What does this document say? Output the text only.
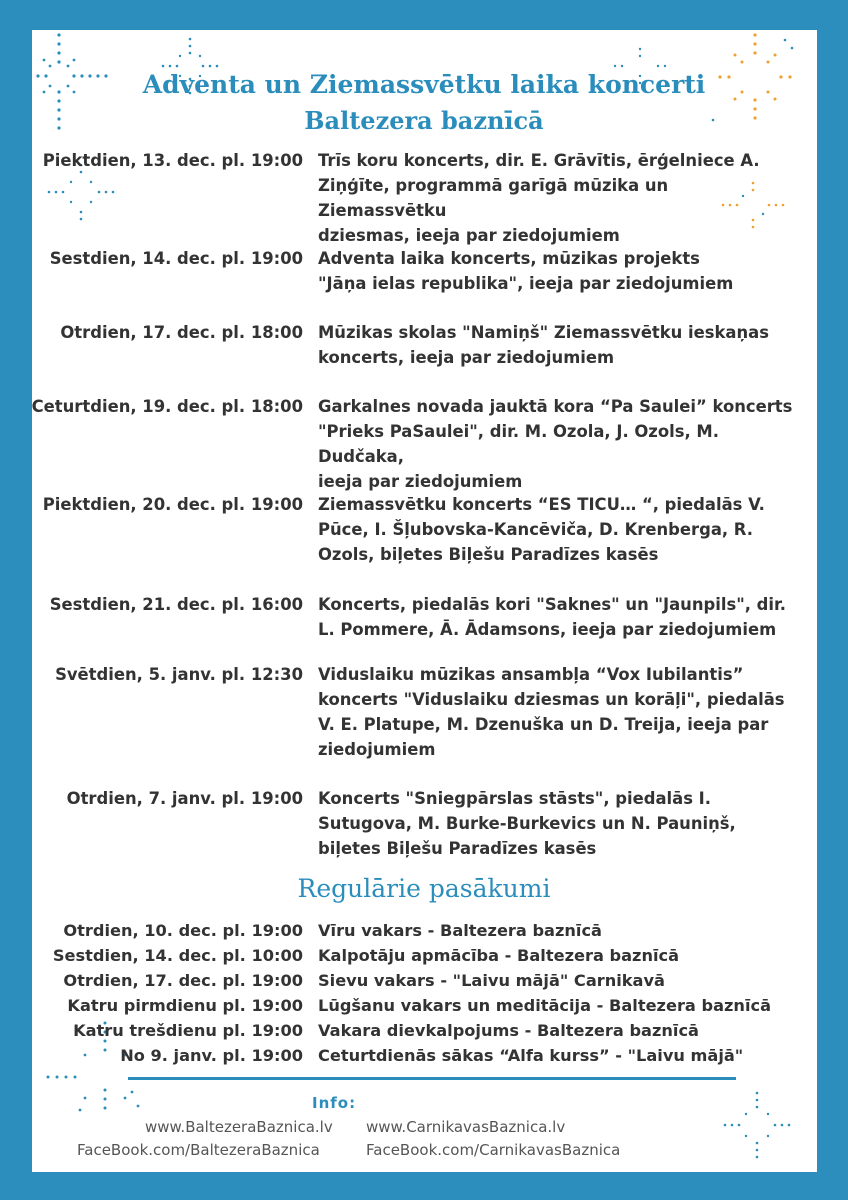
Adventa un Ziemassvētku laika koncerti
Baltezera baznīcā
Piektdien, 13. dec. pl. 19:00 Trīs koru koncerts, dir. E. Grāvītis, ērģelniece A.
Ziņģīte, programmā garīgā mūzika un Ziemassvētku
dziesmas, ieeja par ziedojumiem
Sestdien, 14. dec. pl. 19:00 Adventa laika koncerts, mūzikas projekts
"Jāņa ielas republika", ieeja par ziedojumiem
Otrdien, 17. dec. pl. 18:00 Mūzikas skolas "Namiņš" Ziemassvētku ieskaņas
koncerts, ieeja par ziedojumiem
Ceturtdien, 19. dec. pl. 18:00 Garkalnes novada jauktā kora “Pa Saulei” koncerts
"Prieks PaSaulei", dir. M. Ozola, J. Ozols, M. Dudčaka,
ieeja par ziedojumiem
Piektdien, 20. dec. pl. 19:00 Ziemassvētku koncerts “ES TICU… “, piedalās V.
Pūce, I. Šļubovska-Kancēviča, D. Krenberga, R.
Ozols, biļetes Biļešu Paradīzes kasēs
Sestdien, 21. dec. pl. 16:00 Koncerts, piedalās kori "Saknes" un "Jaunpils", dir.
L. Pommere, Ā. Ādamsons, ieeja par ziedojumiem
Svētdien, 5. janv. pl. 12:30 Viduslaiku mūzikas ansambļa “Vox Iubilantis”
koncerts "Viduslaiku dziesmas un korāļi", piedalās
V. E. Platupe, M. Dzenuška un D. Treija, ieeja par
ziedojumiem
Otrdien, 7. janv. pl. 19:00 Koncerts "Sniegpārslas stāsts", piedalās I.
Sutugova, M. Burke-Burkevics un N. Pauniņš,
biļetes Biļešu Paradīzes kasēs
Regulārie pasākumi
Otrdien, 10. dec. pl. 19:00 Vīru vakars - Baltezera baznīcā
Sestdien, 14. dec. pl. 10:00 Kalpotāju apmācība - Baltezera baznīcā
Otrdien, 17. dec. pl. 19:00 Sievu vakars - "Laivu mājā" Carnikavā
Katru pirmdienu pl. 19:00 Lūgšanu vakars un meditācija - Baltezera baznīcā
Katru trešdienu pl. 19:00 Vakara dievkalpojums - Baltezera baznīcā
No 9. janv. pl. 19:00 Ceturtdienās sākas “Alfa kurss” - "Laivu mājā"
Info:
www.BaltezeraBaznica.lv www.CarnikavasBaznica.lv
FaceBook.com/BaltezeraBaznica	FaceBook.com/CarnikavasBaznica
